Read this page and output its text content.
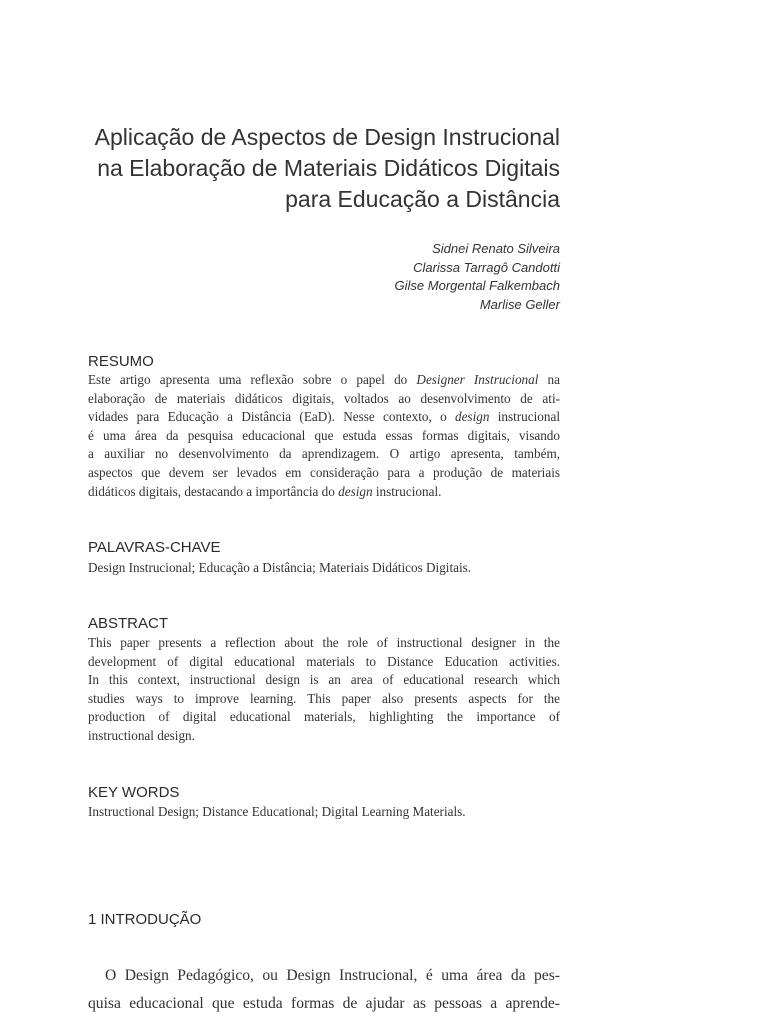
Aplicação de Aspectos de Design Instrucional
na Elaboração de Materiais Didáticos Digitais
para Educação a Distância
Sidnei Renato Silveira
Clarissa Tarragô Candotti
Gilse Morgental Falkembach
Marlise Geller
RESUMO
Este artigo apresenta uma reflexão sobre o papel do Designer Instrucional na
elaboração de materiais didáticos digitais, voltados ao desenvolvimento de ati-
vidades para Educação a Distância (EaD). Nesse contexto, o design instrucional
é uma área da pesquisa educacional que estuda essas formas digitais, visando
a auxiliar no desenvolvimento da aprendizagem. O artigo apresenta, também,
aspectos que devem ser levados em consideração para a produção de materiais
didáticos digitais, destacando a importância do design instrucional.
PALAVRAS-CHAVE
Design Instrucional; Educação a Distância; Materiais Didáticos Digitais.
ABSTRACT
This paper presents a reflection about the role of instructional designer in the
development of digital educational materials to Distance Education activities.
In this context, instructional design is an area of educational research which
studies ways to improve learning. This paper also presents aspects for the
production of digital educational materials, highlighting the importance of
instructional design.
KEY WORDS
Instructional Design; Distance Educational; Digital Learning Materials.
1 INTRODUÇÃO
O Design Pedagógico, ou Design Instrucional, é uma área da pes-
quisa educacional que estuda formas de ajudar as pessoas a aprende-
